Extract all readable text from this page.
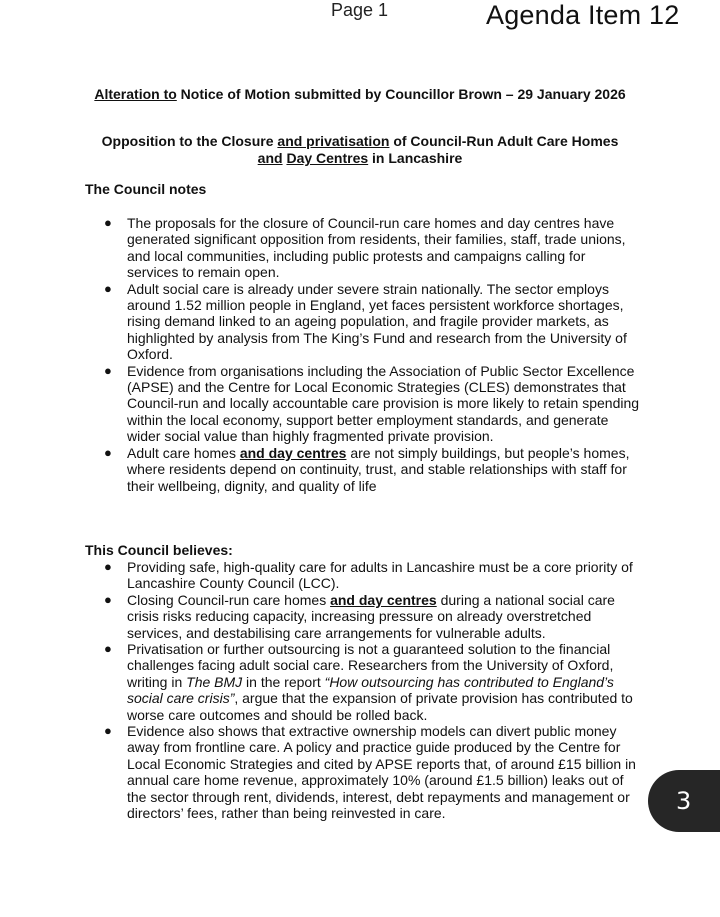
Page 1	Agenda Item 12
Alteration to Notice of Motion submitted by Councillor Brown – 29 January 2026
Opposition to the Closure and privatisation of Council-Run Adult Care Homes
and Day Centres in Lancashire
The Council notes
● The proposals for the closure of Council-run care homes and day centres have generated significant opposition from residents, their families, staff, trade unions, and local communities, including public protests and campaigns calling for services to remain open.
● Adult social care is already under severe strain nationally. The sector employs around 1.52 million people in England, yet faces persistent workforce shortages, rising demand linked to an ageing population, and fragile provider markets, as highlighted by analysis from The King’s Fund and research from the University of Oxford.
● Evidence from organisations including the Association of Public Sector Excellence (APSE) and the Centre for Local Economic Strategies (CLES) demonstrates that Council-run and locally accountable care provision is more likely to retain spending within the local economy, support better employment standards, and generate wider social value than highly fragmented private provision.
● Adult care homes and day centres are not simply buildings, but people’s homes, where residents depend on continuity, trust, and stable relationships with staff for their wellbeing, dignity, and quality of life
This Council believes:
● Providing safe, high-quality care for adults in Lancashire must be a core priority of Lancashire County Council (LCC).
● Closing Council-run care homes and day centres during a national social care crisis risks reducing capacity, increasing pressure on already overstretched services, and destabilising care arrangements for vulnerable adults.
● Privatisation or further outsourcing is not a guaranteed solution to the financial challenges facing adult social care. Researchers from the University of Oxford, writing in The BMJ in the report “How outsourcing has contributed to England’s social care crisis”, argue that the expansion of private provision has contributed to worse care outcomes and should be rolled back.
● Evidence also shows that extractive ownership models can divert public money away from frontline care. A policy and practice guide produced by the Centre for Local Economic Strategies and cited by APSE reports that, of around £15 billion in annual care home revenue, approximately 10% (around £1.5 billion) leaks out of the sector through rent, dividends, interest, debt repayments and management or directors’ fees, rather than being reinvested in care.	3
